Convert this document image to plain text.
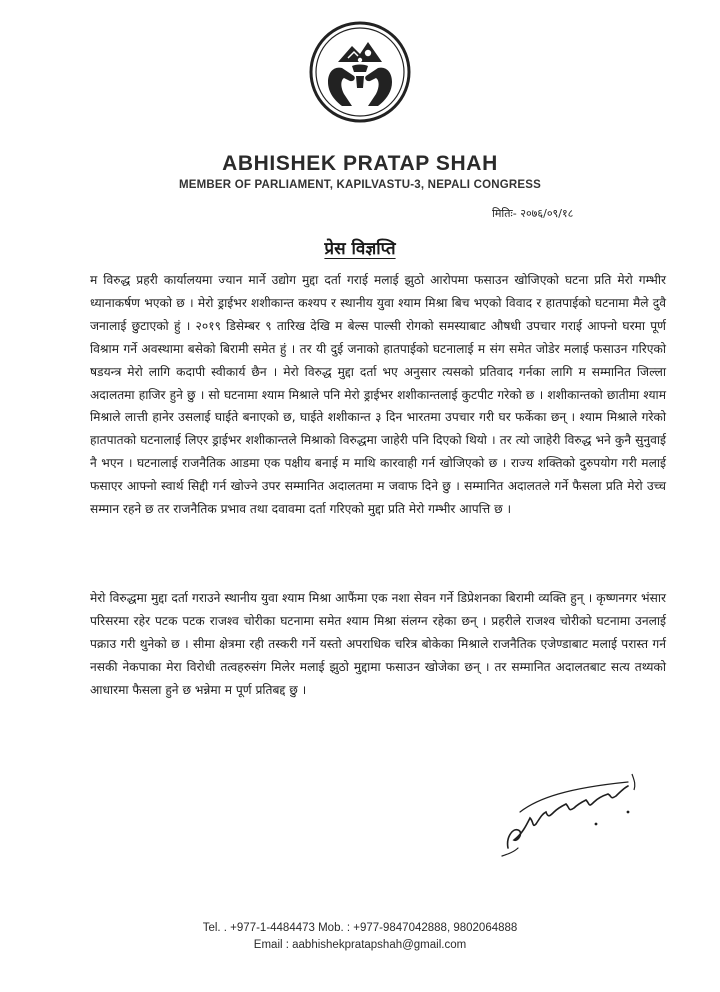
ABHISHEK PRATAP SHAH
MEMBER OF PARLIAMENT, KAPILVASTU-3, NEPALI CONGRESS
मितिः- २०७६/०९/१८
प्रेस विज्ञप्ति
म विरुद्ध प्रहरी कार्यालयमा ज्यान मार्ने उद्योग मुद्दा दर्ता गराई मलाई झुठो आरोपमा फसाउन खोजिएको घटना प्रति मेरो गम्भीर ध्यानाकर्षण भएको छ । मेरो ड्राईभर शशीकान्त कश्यप र स्थानीय युवा श्याम मिश्रा बिच भएको विवाद र हातपाईको घटनामा मैले दुवै जनालाई छुटाएको हुं । २०१९ डिसेम्बर ९ तारिख देखि म बेल्स पाल्सी रोगको समस्याबाट औषधी उपचार गराई आफ्नो घरमा पूर्ण विश्राम गर्ने अवस्थामा बसेको बिरामी समेत हुं । तर यी दुई जनाको हातपाईको घटनालाई म संग समेत जोडेर मलाई फसाउन गरिएको षडयन्त्र मेरो लागि कदापी स्वीकार्य छैन । मेरो विरुद्ध मुद्दा दर्ता भए अनुसार त्यसको प्रतिवाद गर्नका लागि म सम्मानित जिल्ला अदालतमा हाजिर हुने छु । सो घटनामा श्याम मिश्राले पनि मेरो ड्राईभर शशीकान्तलाई कुटपीट गरेको छ । शशीकान्तको छातीमा श्याम मिश्राले लात्ती हानेर उसलाई घाईते बनाएको छ, घाईते शशीकान्त ३ दिन भारतमा उपचार गरी घर फर्केका छन् । श्याम मिश्राले गरेको हातपातको घटनालाई लिएर ड्राईभर शशीकान्तले मिश्राको विरुद्धमा जाहेरी पनि दिएको थियो । तर त्यो जाहेरी विरुद्ध भने कुनै सुनुवाई नै भएन । घटनालाई राजनैतिक आडमा एक पक्षीय बनाई म माथि कारवाही गर्न खोजिएको छ । राज्य शक्तिको दुरुपयोग गरी मलाई फसाएर आफ्नो स्वार्थ सिद्दी गर्न खोज्ने उपर सम्मानित अदालतमा म जवाफ दिने छु । सम्मानित अदालतले गर्ने फैसला प्रति मेरो उच्च सम्मान रहने छ तर राजनैतिक प्रभाव तथा दवावमा दर्ता गरिएको मुद्दा प्रति मेरो गम्भीर आपत्ति छ ।
मेरो विरुद्धमा मुद्दा दर्ता गराउने स्थानीय युवा श्याम मिश्रा आफैंमा एक नशा सेवन गर्ने डिप्रेशनका बिरामी व्यक्ति हुन् । कृष्णनगर भंसार परिसरमा रहेर पटक पटक राजश्व चोरीका घटनामा समेत श्याम मिश्रा संलग्न रहेका छन् । प्रहरीले राजश्व चोरीको घटनामा उनलाई पक्राउ गरी थुनेको छ । सीमा क्षेत्रमा रही तस्करी गर्ने यस्तो अपराधिक चरित्र बोकेका मिश्राले राजनैतिक एजेण्डाबाट मलाई परास्त गर्न नसकी नेकपाका मेरा विरोधी तत्वहरुसंग मिलेर मलाई झुठो मुद्दामा फसाउन खोजेका छन् । तर सम्मानित अदालतबाट सत्य तथ्यको आधारमा फैसला हुने छ भन्नेमा म पूर्ण प्रतिबद्द छु ।
Tel. . +977-1-4484473 Mob. : +977-9847042888, 9802064888
Email : aabhishekpratapshah@gmail.com
